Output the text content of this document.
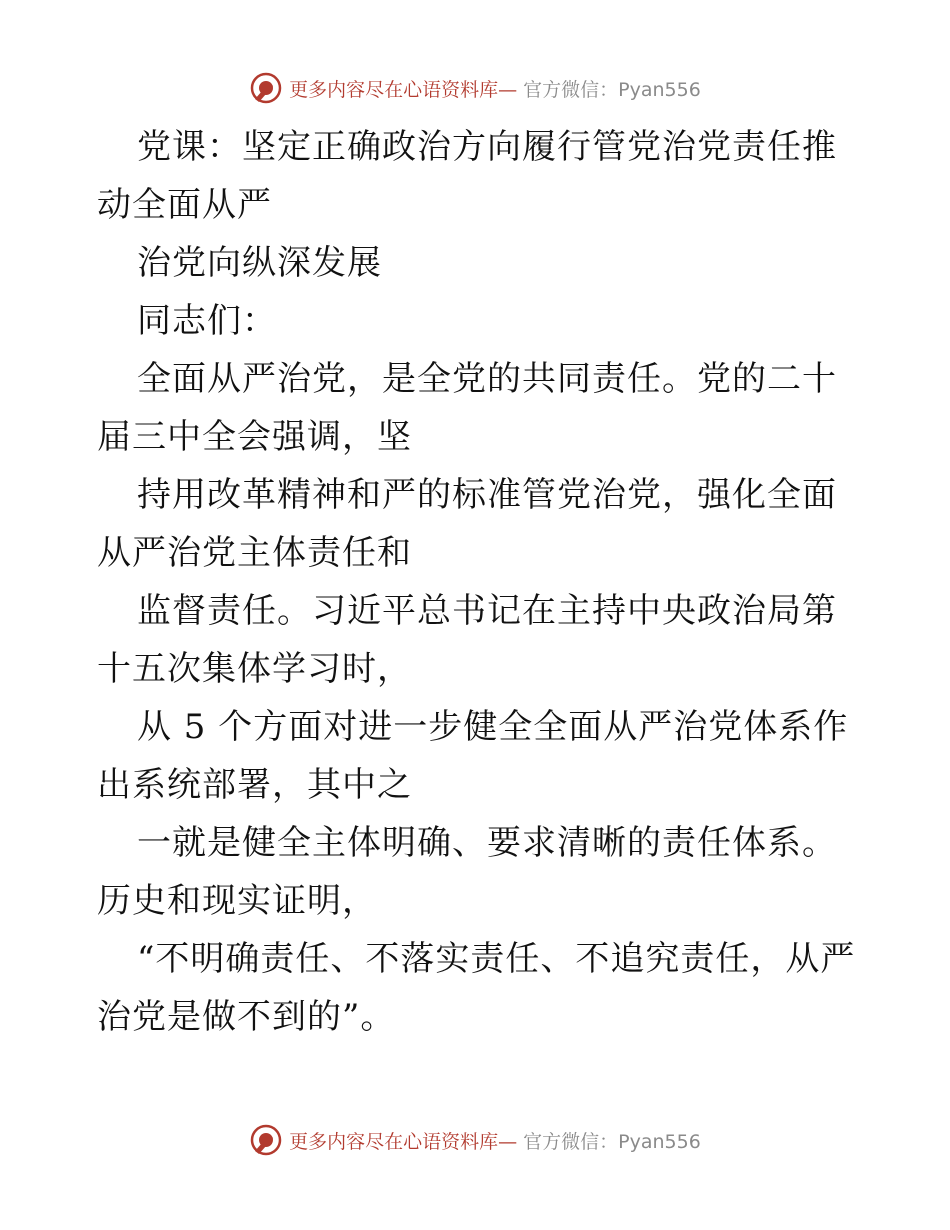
更多内容尽在心语资料库— 官方微信：Pyan556

党课：坚定正确政治方向履行管党治党责任推动全面从严

治党向纵深发展

同志们：

全面从严治党，是全党的共同责任。党的二十届三中全会强调，坚

持用改革精神和严的标准管党治党，强化全面从严治党主体责任和

监督责任。习近平总书记在主持中央政治局第十五次集体学习时，

从 5 个方面对进一步健全全面从严治党体系作出系统部署，其中之

一就是健全主体明确、要求清晰的责任体系。历史和现实证明，

“不明确责任、不落实责任、不追究责任，从严治党是做不到的”。

更多内容尽在心语资料库— 官方微信：Pyan556
